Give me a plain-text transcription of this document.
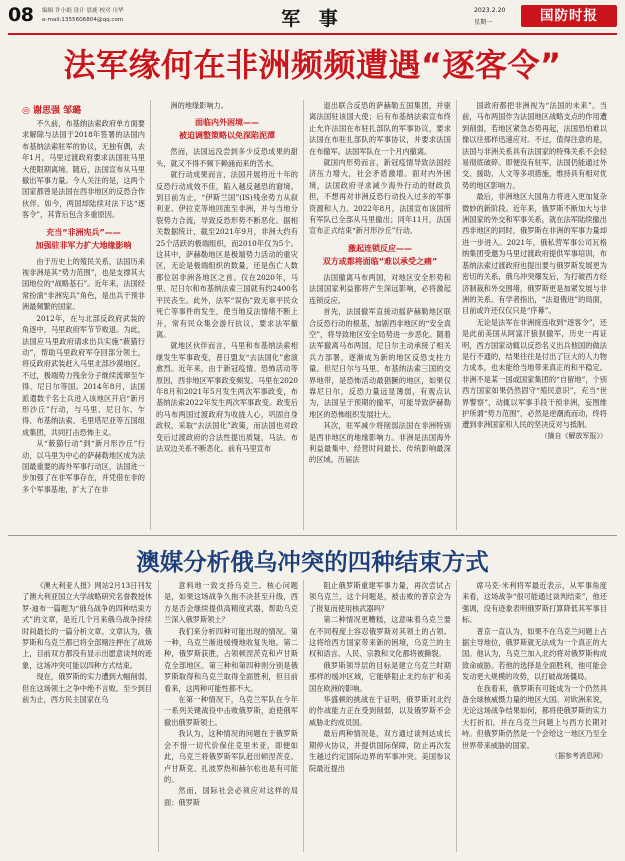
08 编辑 许小娟 设计 晨鹿 校对 川华
e-mail:1355606804@qq.com	军 事	2023.2.20
星期一	国防时报
法军缘何在非洲频频遭遇“逐客令”
◎ 谢思强 邹璐

不久前，布基纳法索政府单方面要求解除与法国于2018年签署的法国内布基纳法索驻军的协议，无独有偶，去年1月，马里过渡政府要求法国驻马里大使限期离境。随后，法国宣布从马里撤出军事力量。今人关注的是，这两个国家都曾是法国在西非地区的反恐合作伙伴。如今，两国却陆续对法下达“逐客令”，其背后包含多重原因。

充当“非洲宪兵”——
加强驻非军力扩大地缘影响

由于历史上的殖民关系，法国历来视非洲是其“势力范围”，也是支撑其大国地位的“战略基石”。近年来，法国经常扮演“非洲宪兵”角色，是出兵干预非洲最频繁的国家。

2012年，在与北部反政府武装的角逐中，马里政府军节节败退。为此，法国应马里政府请求出兵实施“薮猫行动”，帮助马里政府军夺回部分领土，将反政府武装赶入马里北部沙漠地区。不过，极端势力残余分子继续流窜至乍得、尼日尔等国。2014年8月，法国派遣数千名士兵进入该地区开启“新月形沙丘”行动，与马里、尼日尔、乍得、布基纳法索、毛里塔尼亚等五国组成集团，共同打击恐怖主义。

从“薮猫行动”到“新月形沙丘”行动，以马里为中心的萨赫勒地区成为法国最重要的海外军事行动区，法国进一步加强了在非军事存在，并凭借在非的多个军事基地，扩大了在非

洲的地缘影响力。

面临内外困境——
被迫调整策略以免深陷泥潭

然而，法国远没尝到多少反恐成果的甜头，就又不得不频下赖涌而来的苦水。

就行动成果而言，法国开展将近十年的反恐行动成效不佳，陷入越反越恐的窘境。到目前为止，“伊斯兰国”(IS)残余势力从叙利亚、伊拉克等地回流至非洲，并与当地分裂势力合流，导致反恐形势不断恶化。据相关数据统计，截至2021年9月，非洲大约有25个活跃的极端组织，而2010年仅为5个。这其中，萨赫勒地区是极端势力活动的重灾区，无论是极端组织的数量，还是伤亡人数都位居非洲各地区之首。仅在2020年，马里、尼日尔和布基纳法索三国就有约2400名平民丧生。此外，法军“误伤”致无辜平民众死亡等事件的发生，使当地反法情绪不断上升，常有民众集会游行抗议，要求法军撤离。

就地区伙伴而言，马里和布基纳法索相继发生军事政变，普日盟友“去法国化”愈演愈烈。近年来，由于新冠疫情、恐怖活动等原因，西非地区军事政变频发。马里在2020年8月和2021年5月发生两次军事政变，布基纳法索2022年发生两次军事政变。政变后的马布两国过渡政府为收拢人心，巩固自身政权，采取“去法国化”政策，而法国也对政变后过渡政府的合法性提出质疑，马法、布法双边关系不断恶化。前有马里宣布

退出联合反恐的萨赫勒五国集团，并驱离法国驻该国大使；后有布基纳法索宣布终止允许法国在布驻扎部队的军事协议，要求法国在布驻扎部队的军事协议，并要求法国在布撤军。法国军队在一个月内撤离。

就国内形势而言，新冠疫情导致法国经济压力增大，社会矛盾激增。面对内外困境，法国政府寻求减少海外行动的财政负担，不想再对非洲反恐行动投入过多的军事资源和人力。2022年8月，法国宣布该国所有军队已全部从马里撤出；同年11月，法国宣布正式结束“新月形沙丘”行动。

激起连锁反应——
双方或都将面临“难以承受之痛”

法国撤离马布两国，对地区安全形势和法国国家利益都将产生深远影响，必将激起连锁反应。

首先，法国撤军直接动摇萨赫勒地区联合反恐行动的根基，加剧西非地区的“安全真空”，将导致地区安全局势进一步恶化。随着法军撤离马布两国，尼日尔主动承接了相关兵力部署，逐渐成为新的地区反恐支柱力量。但尼日尔与马里、布基纳法索三国的交界地带，是恐怖活动最猖獗的地区，如果仅靠尼日尔，反恐力量远显薄弱，有观点认为，法国呈于预期的撤军，可能导致萨赫勒地区的恐怖组织发展壮大。

其次，驻军减少将削弱法国在非洲特别是西非地区的地缘影响力。非洲是法国海外利益最集中、经营时间最长、传统影响最深的区域。历届法

国政府都把非洲视为“法国的未来”。当前，马布两国作为法国地区战略支点的作用遭到削弱，若地区紧急态势再起，法国恐怕难以像以往那样迅速应对。不过，值得注意的是，法国与非洲关系具有法国家的特殊关系不会轻易彻底破碎。即便没有驻军，法国仍能通过外交、援助、人文等多项措施，维持具有相对优势的地区影响力。

最后，非洲地区大国角力将进入更加复杂微妙的新阶段。近年来，俄罗斯不断加大与非洲国家的外交和军事关系，就在法军陆续撤出西非地区的同时，俄罗斯在非洲的军事力量却进一步进入。2021年，俄私营军事公司瓦格纳集团受邀为马里过渡政府提供军事培训，布基纳法索过渡政府也提出要与俄罗斯发展更为密切的关系，俄乌冲突爆发后，为打破西方经济制裁和外交围堵，俄罗斯更是加紧发展与非洲的关系。有学者指出，“法退俄进”的局面，目前或许还仅仅只是“序幕”。

无论是法军在非洲接连收到“逐客令”，还是此前美国从阿富汗狼狈撤军，历史一再证明，西方国家动辄以反恐名义出兵他国的做法是行不通的，结果往往是付出了巨大的人力物力成本，也未能给当地带来真正的和平稳定。非洲不是某一国或国家集团的“自留地”，个别西方国家如果仍然固守“殖民意识”，充当“世界警察”，动辄以军事手段干预非洲，妄图维护所谓“势力范围”，必然是逆潮流而动，终将遭到非洲国家和人民的坚决反对与抵制。

（摘自《解放军报》）
澳媒分析俄乌冲突的四种结束方式

《澳大利亚人报》网站2月13日刊发了澳大利亚国立大学战略研究名誉教授休罗·迪布一篇题为“俄乌战争的四种结束方式”的文章，是近几个月来俄乌战争持续时间最长的一篇分析文章。文章认为，俄罗斯和乌克兰都已将全部赌注押在了战场上，目前双方都没有显示出愿意谈判的迹象，这场冲突可能以四种方式结束。

现在，俄罗斯的实力遭到大幅削弱，但在这场领土之争中绝不言败。至少到目前为止，西方民主国家在乌

意料地一致支持乌克兰。核心问题是，如果这场战争久拖不决甚至升级，西方是否会继续提供高精度武器，帮助乌克兰深入俄罗斯领土？

我们来分析四种可能出现的情况。第一种，乌克兰渐进缓慢地收复失地。第二种，俄罗斯获胜，占领顿涅茨克和卢甘斯克全部地区。第三种和第四种则分别是俄罗斯取得和乌克兰取得全面胜利，但目前看来，这两种可能性都不大。

在第一种情况下，乌克兰军队在今年一系列关键战役中击败俄罗斯，迫使俄军撤出俄罗斯领土。

我认为，这种情况的问题在于俄罗斯会不惜一切代价保住克里米亚，即便如此，乌克兰将俄罗斯军队赶出顿涅茨克、卢甘斯克、扎波罗热和赫尔松也是有可能的。

然而，国际社会必须应对这样的局面：俄罗斯

阻止俄罗斯重建军事力量，再次尝试占领乌克兰，这个问题是，被击败的普京会为了报复而使用核武器吗？

第二种情况更糟糕，这意味着乌克兰要在不同程度上容忍俄罗斯对其领土的占领。这将给西方国家带来新的困境，乌克兰的主权和语言、人民、宗教和文化都将被撕裂。

俄罗斯领导层的目标是建立乌克兰时期那样的缓冲区域，它能够阻止北约东扩和美国在欧洲的影响。

华盛顿的挑战在于证明，俄罗斯对北约的作战能力正在受到削弱，以及俄罗斯不会威胁北约成员国。

最后两种情况是，双方通过谈判达成长期停火协议，并提供国际保障，防止再次发生越过约定国际边界的军事冲突。美国参议院最近提出

席马克·米利将军最近表示，从军事角度来看，这场战争“很可能通过谈判结束”，他还强调，没有迹象表明俄罗斯打算降低其军事目标。

普京一直认为，如果不在乌克兰问题上占据主导地位，俄罗斯就无法成为一个真正的大国。他认为，乌克兰加入北约将对俄罗斯构成致命威胁。若他的选择是全面胜利，他可能会发动更大规模的攻势，以打破战场僵局。

在我看来，俄罗斯有可能成为一个仍然具备全球核威慑力量的地区大国。对欧洲来说，无论这场战争结果如何，都将使俄罗斯的实力大打折扣，并在乌克兰问题上与西方长期对峙。但俄罗斯仍然是一个会给这一地区乃至全世界带来威胁的国家。

（据参考消息网）
